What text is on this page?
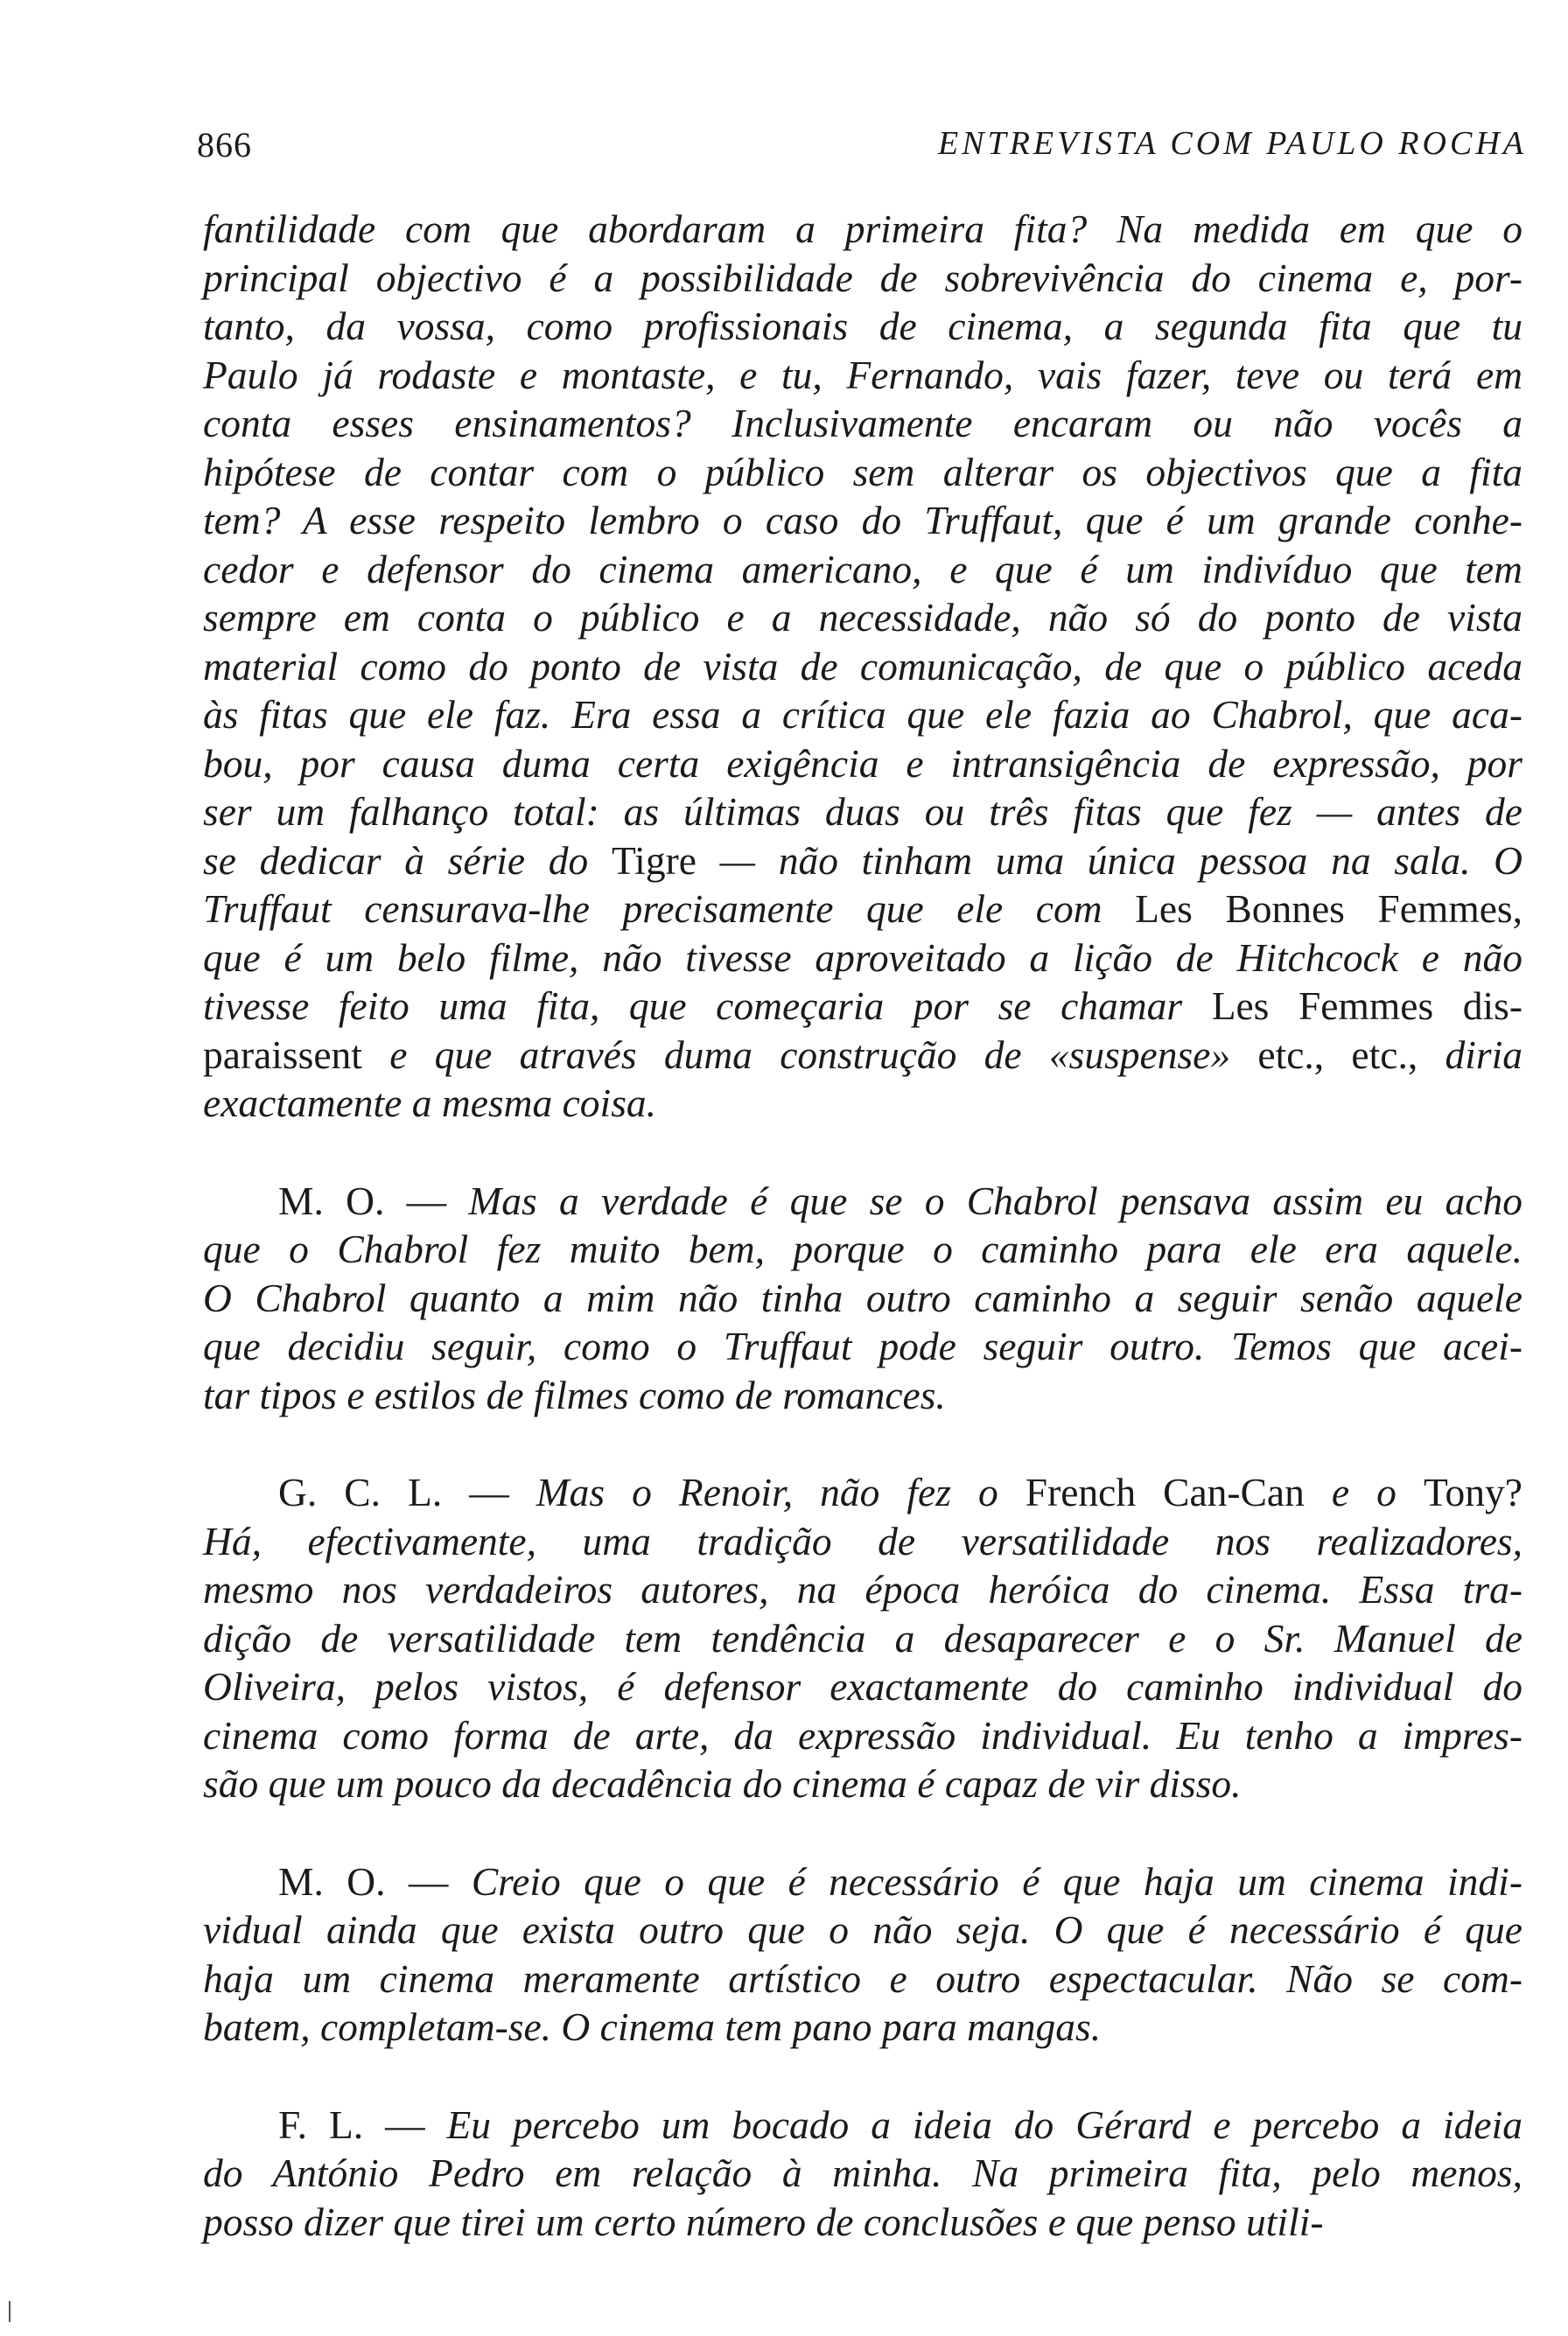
866	ENTREVISTA COM PAULO ROCHA
fantilidade com que abordaram a primeira fita? Na medida em que o
principal objectivo é a possibilidade de sobrevivência do cinema e, por-
tanto, da vossa, como profissionais de cinema, a segunda fita que tu
Paulo já rodaste e montaste, e tu, Fernando, vais fazer, teve ou terá em
conta esses ensinamentos? Inclusivamente encaram ou não vocês a
hipótese de contar com o público sem alterar os objectivos que a fita
tem? A esse respeito lembro o caso do Truffaut, que é um grande conhe-
cedor e defensor do cinema americano, e que é um indivíduo que tem
sempre em conta o público e a necessidade, não só do ponto de vista
material como do ponto de vista de comunicação, de que o público aceda
às fitas que ele faz. Era essa a crítica que ele fazia ao Chabrol, que aca-
bou, por causa duma certa exigência e intransigência de expressão, por
ser um falhanço total: as últimas duas ou três fitas que fez — antes de
se dedicar à série do Tigre — não tinham uma única pessoa na sala. O
Truffaut censurava-lhe precisamente que ele com Les Bonnes Femmes,
que é um belo filme, não tivesse aproveitado a lição de Hitchcock e não
tivesse feito uma fita, que começaria por se chamar Les Femmes dis-
paraissent e que através duma construção de «suspense» etc., etc., diria
exactamente a mesma coisa.
M. O. — Mas a verdade é que se o Chabrol pensava assim eu acho
que o Chabrol fez muito bem, porque o caminho para ele era aquele.
O Chabrol quanto a mim não tinha outro caminho a seguir senão aquele
que decidiu seguir, como o Truffaut pode seguir outro. Temos que acei-
tar tipos e estilos de filmes como de romances.
G. C. L. — Mas o Renoir, não fez o French Can-Can e o Tony?
Há, efectivamente, uma tradição de versatilidade nos realizadores,
mesmo nos verdadeiros autores, na época heróica do cinema. Essa tra-
dição de versatilidade tem tendência a desaparecer e o Sr. Manuel de
Oliveira, pelos vistos, é defensor exactamente do caminho individual do
cinema como forma de arte, da expressão individual. Eu tenho a impres-
são que um pouco da decadência do cinema é capaz de vir disso.
M. O. — Creio que o que é necessário é que haja um cinema indi-
vidual ainda que exista outro que o não seja. O que é necessário é que
haja um cinema meramente artístico e outro espectacular. Não se com-
batem, completam-se. O cinema tem pano para mangas.
F. L. — Eu percebo um bocado a ideia do Gérard e percebo a ideia
do António Pedro em relação à minha. Na primeira fita, pelo menos,
posso dizer que tirei um certo número de conclusões e que penso utili-
